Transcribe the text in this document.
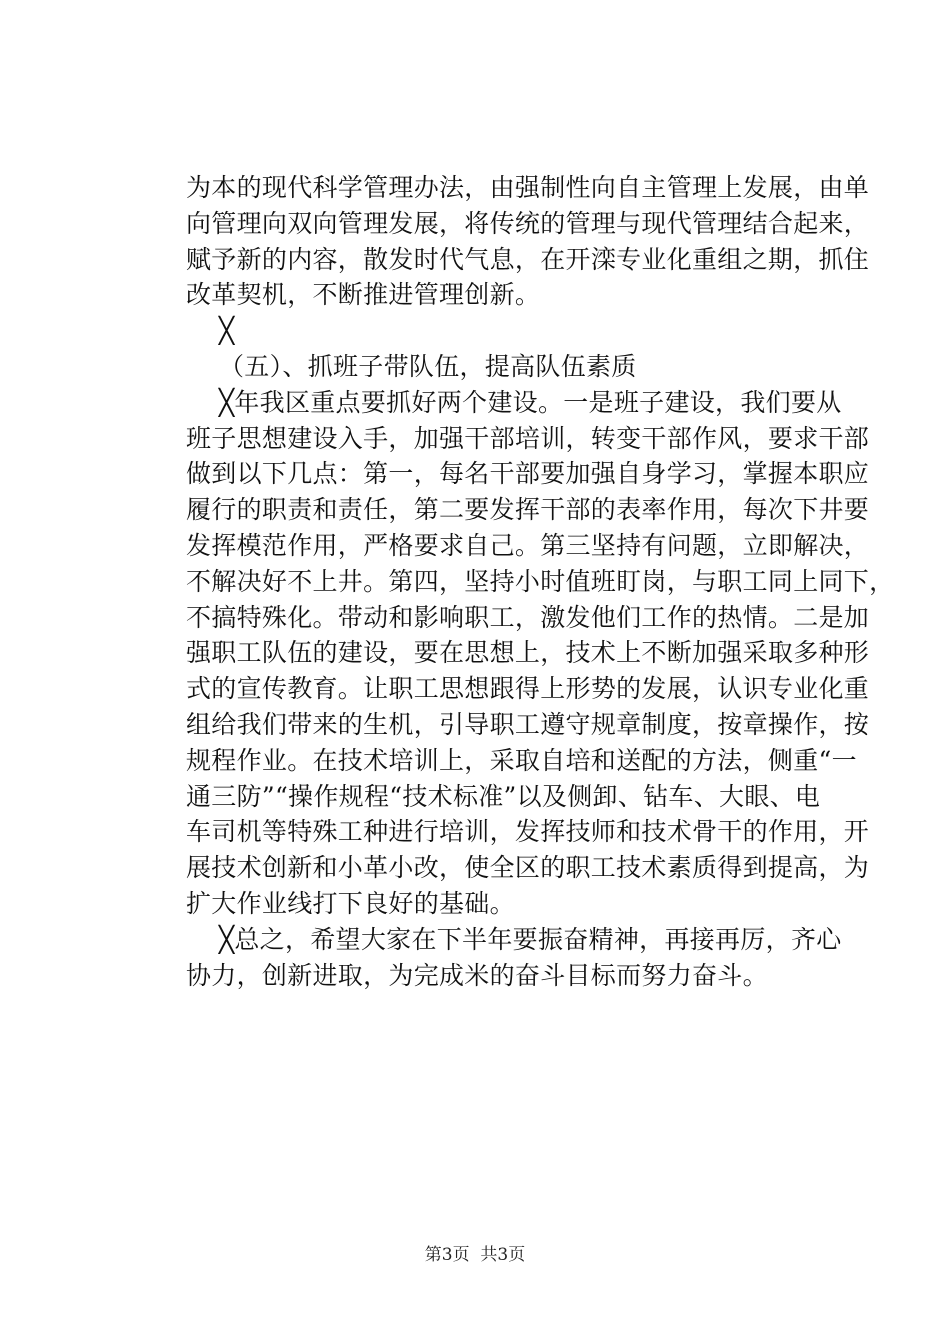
为本的现代科学管理办法，由强制性向自主管理上发展，由单
向管理向双向管理发展，将传统的管理与现代管理结合起来，
赋予新的内容，散发时代气息，在开滦专业化重组之期，抓住
改革契机，不断推进管理创新。
╳
（五）、抓班子带队伍，提高队伍素质
╳年我区重点要抓好两个建设。一是班子建设，我们要从
班子思想建设入手，加强干部培训，转变干部作风，要求干部
做到以下几点：第一，每名干部要加强自身学习，掌握本职应
履行的职责和责任，第二要发挥干部的表率作用，每次下井要
发挥模范作用，严格要求自己。第三坚持有问题，立即解决，
不解决好不上井。第四，坚持小时值班盯岗，与职工同上同下，
不搞特殊化。带动和影响职工，激发他们工作的热情。二是加
强职工队伍的建设，要在思想上，技术上不断加强采取多种形
式的宣传教育。让职工思想跟得上形势的发展，认识专业化重
组给我们带来的生机，引导职工遵守规章制度，按章操作，按
规程作业。在技术培训上，采取自培和送配的方法，侧重“一
通三防”“操作规程“技术标准”以及侧卸、钻车、大眼、电
车司机等特殊工种进行培训，发挥技师和技术骨干的作用，开
展技术创新和小革小改，使全区的职工技术素质得到提高，为
扩大作业线打下良好的基础。
╳总之，希望大家在下半年要振奋精神，再接再厉，齐心
协力，创新进取，为完成米的奋斗目标而努力奋斗。
第3页  共3页
